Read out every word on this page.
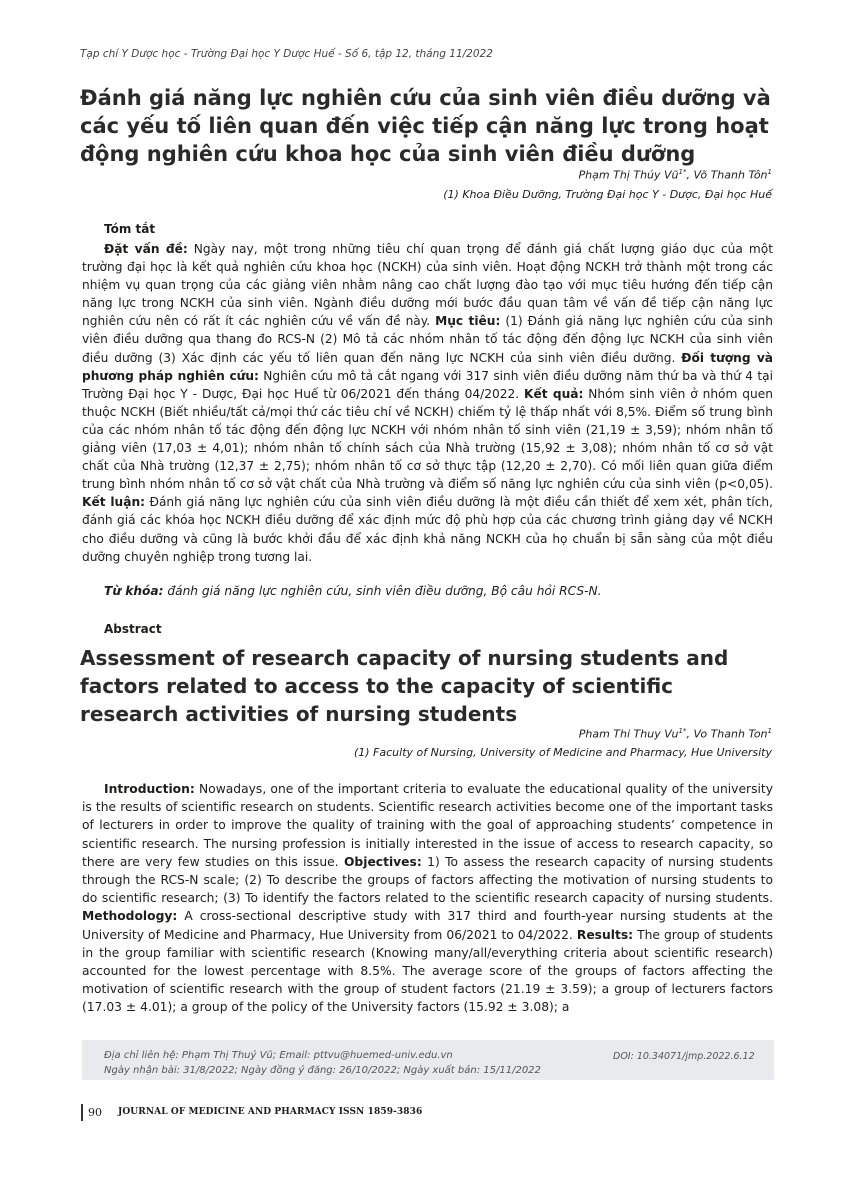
Tạp chí Y Dược học - Trường Đại học Y Dược Huế - Số 6, tập 12, tháng 11/2022
Đánh giá năng lực nghiên cứu của sinh viên điều dưỡng và các yếu tố liên quan đến việc tiếp cận năng lực trong hoạt động nghiên cứu khoa học của sinh viên điều dưỡng
Phạm Thị Thúy $Vũ^{1*}$, Võ Thanh Tôn$^1$
(1) Khoa Điều Dưỡng, Trường Đại học Y - Dược, Đại học Huế
Tóm tắt

Đặt vấn đề: Ngày nay, một trong những tiêu chí quan trọng để đánh giá chất lượng giáo dục của một trường đại học là kết quả nghiên cứu khoa học (NCKH) của sinh viên. Hoạt động NCKH trở thành một trong các nhiệm vụ quan trọng của các giảng viên nhằm nâng cao chất lượng đào tạo với mục tiêu hướng đến tiếp cận năng lực trong NCKH của sinh viên. Ngành điều dưỡng mới bước đầu quan tâm về vấn đề tiếp cận năng lực nghiên cứu nên có rất ít các nghiên cứu về vấn đề này. Mục tiêu: (1) Đánh giá năng lực nghiên cứu của sinh viên điều dưỡng qua thang đo RCS-N (2) Mô tả các nhóm nhân tố tác động đến động lực NCKH của sinh viên điều dưỡng (3) Xác định các yếu tố liên quan đến năng lực NCKH của sinh viên điều dưỡng. Đối tượng và phương pháp nghiên cứu: Nghiên cứu mô tả cắt ngang với 317 sinh viên điều dưỡng năm thứ ba và thứ 4 tại Trường Đại học Y - Dược, Đại học Huế từ 06/2021 đến tháng 04/2022. Kết quả: Nhóm sinh viên ở nhóm quen thuộc NCKH (Biết nhiều/tất cả/mọi thứ các tiêu chí về NCKH) chiếm tỷ lệ thấp nhất với 8,5%. Điểm số trung bình của các nhóm nhân tố tác động đến động lực NCKH với nhóm nhân tố sinh viên (21,19 ± 3,59); nhóm nhân tố giảng viên (17,03 ± 4,01); nhóm nhân tố chính sách của Nhà trường (15,92 ± 3,08); nhóm nhân tố cơ sở vật chất của Nhà trường (12,37 ± 2,75); nhóm nhân tố cơ sở thực tập (12,20 ± 2,70). Có mối liên quan giữa điểm trung bình nhóm nhân tố cơ sở vật chất của Nhà trường và điểm số năng lực nghiên cứu của sinh viên (p<0,05). Kết luận: Đánh giá năng lực nghiên cứu của sinh viên điều dưỡng là một điều cần thiết để xem xét, phân tích, đánh giá các khóa học NCKH điều dưỡng để xác định mức độ phù hợp của các chương trình giảng dạy về NCKH cho điều dưỡng và cũng là bước khởi đầu để xác định khả năng NCKH của họ chuẩn bị sẵn sàng của một điều dưỡng chuyên nghiệp trong tương lai.

Từ khóa: đánh giá năng lực nghiên cứu, sinh viên điều dưỡng, Bộ câu hỏi RCS-N.

Abstract
Assessment of research capacity of nursing students and factors related to access to the capacity of scientific research activities of nursing students
Pham Thi Thuy $Vu^{1*}$, Vo Thanh Ton$^1$
(1) Faculty of Nursing, University of Medicine and Pharmacy, Hue University

Introduction: Nowadays, one of the important criteria to evaluate the educational quality of the university is the results of scientific research on students. Scientific research activities become one of the important tasks of lecturers in order to improve the quality of training with the goal of approaching students’ competence in scientific research. The nursing profession is initially interested in the issue of access to research capacity, so there are very few studies on this issue. Objectives: 1) To assess the research capacity of nursing students through the RCS-N scale; (2) To describe the groups of factors affecting the motivation of nursing students to do scientific research; (3) To identify the factors related to the scientific research capacity of nursing students. Methodology: A cross-sectional descriptive study with 317 third and fourth-year nursing students at the University of Medicine and Pharmacy, Hue University from 06/2021 to 04/2022. Results: The group of students in the group familiar with scientific research (Knowing many/all/everything criteria about scientific research) accounted for the lowest percentage with 8.5%. The average score of the groups of factors affecting the motivation of scientific research with the group of student factors (21.19 ± 3.59); a group of lecturers factors (17.03 ± 4.01); a group of the policy of the University factors (15.92 ± 3.08); a

Địa chỉ liên hệ: Phạm Thị Thuý Vũ; Email: pttvu@huemed-univ.edu.vn
Ngày nhận bài: 31/8/2022; Ngày đồng ý đăng: 26/10/2022; Ngày xuất bản: 15/11/2022
DOI: 10.34071/jmp.2022.6.12
90 JOURNAL OF MEDICINE AND PHARMACY ISSN 1859-3836
